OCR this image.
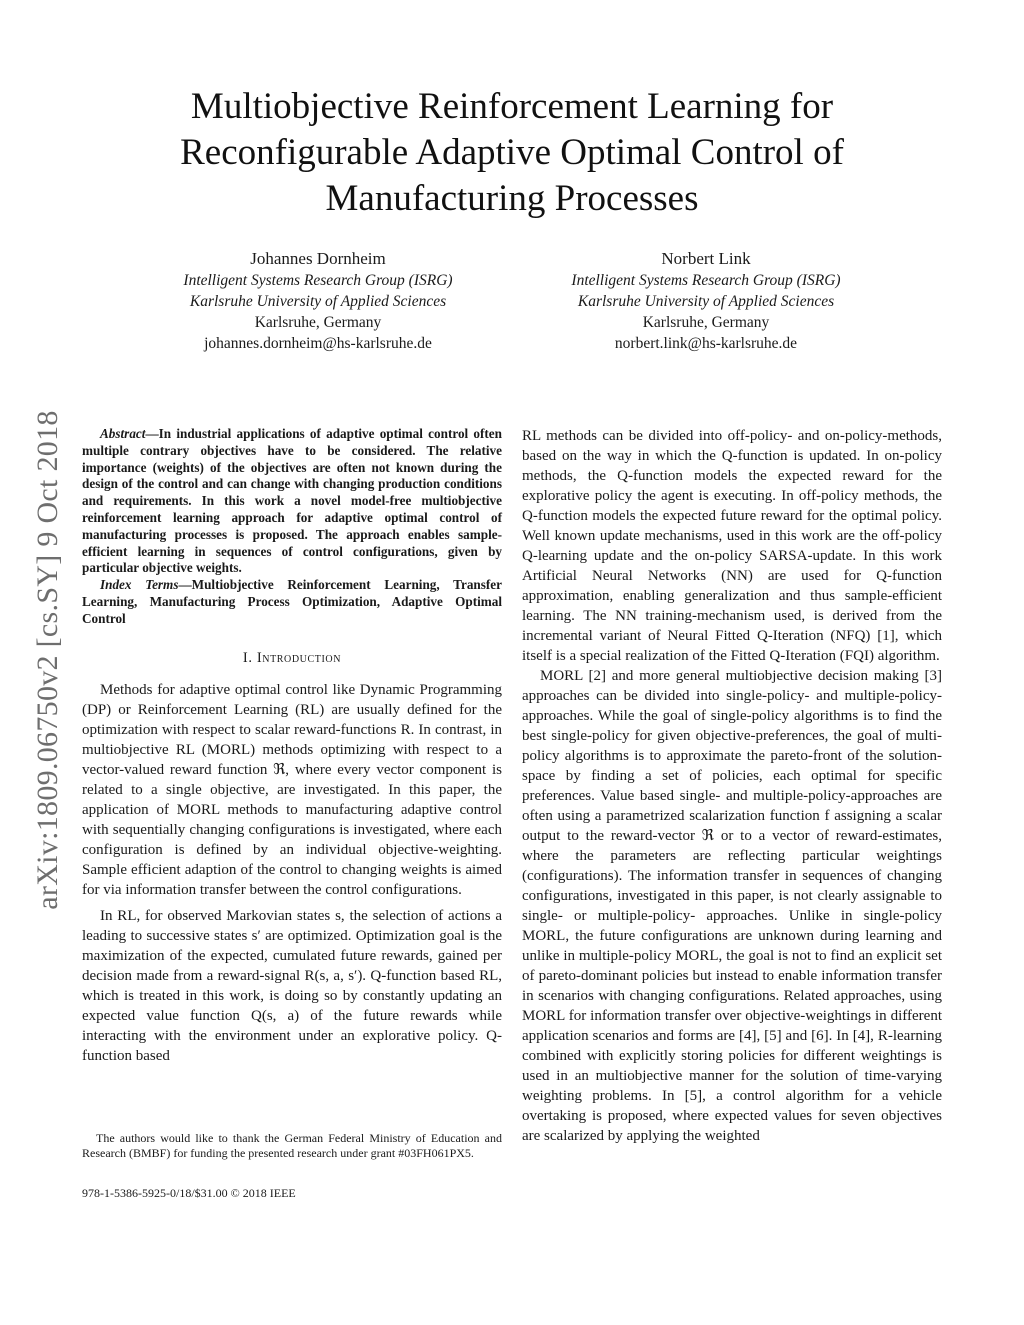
arXiv:1809.06750v2 [cs.SY] 9 Oct 2018
Multiobjective Reinforcement Learning for
Reconfigurable Adaptive Optimal Control of
Manufacturing Processes
Johannes Dornheim
Intelligent Systems Research Group (ISRG)
Karlsruhe University of Applied Sciences
Karlsruhe, Germany
johannes.dornheim@hs-karlsruhe.de
Norbert Link
Intelligent Systems Research Group (ISRG)
Karlsruhe University of Applied Sciences
Karlsruhe, Germany
norbert.link@hs-karlsruhe.de

Abstract—In industrial applications of adaptive optimal control often multiple contrary objectives have to be considered. The relative importance (weights) of the objectives are often not known during the design of the control and can change with changing production conditions and requirements. In this work a novel model-free multiobjective reinforcement learning approach for adaptive optimal control of manufacturing processes is proposed. The approach enables sample-efficient learning in sequences of control configurations, given by particular objective weights.

Index Terms—Multiobjective Reinforcement Learning, Transfer Learning, Manufacturing Process Optimization, Adaptive Optimal Control

I. Introduction

Methods for adaptive optimal control like Dynamic Programming (DP) or Reinforcement Learning (RL) are usually defined for the optimization with respect to scalar reward-functions R. In contrast, in multiobjective RL (MORL) methods optimizing with respect to a vector-valued reward function ℜ, where every vector component is related to a single objective, are investigated. In this paper, the application of MORL methods to manufacturing adaptive control with sequentially changing configurations is investigated, where each configuration is defined by an individual objective-weighting. Sample efficient adaption of the control to changing weights is aimed for via information transfer between the control configurations.

In RL, for observed Markovian states s, the selection of actions a leading to successive states s′ are optimized. Optimization goal is the maximization of the expected, cumulated future rewards, gained per decision made from a reward-signal R(s, a, s′). Q-function based RL, which is treated in this work, is doing so by constantly updating an expected value function Q(s, a) of the future rewards while interacting with the environment under an explorative policy. Q-function based

RL methods can be divided into off-policy- and on-policy-methods, based on the way in which the Q-function is updated. In on-policy methods, the Q-function models the expected reward for the explorative policy the agent is executing. In off-policy methods, the Q-function models the expected future reward for the optimal policy. Well known update mechanisms, used in this work are the off-policy Q-learning update and the on-policy SARSA-update. In this work Artificial Neural Networks (NN) are used for Q-function approximation, enabling generalization and thus sample-efficient learning. The NN training-mechanism used, is derived from the incremental variant of Neural Fitted Q-Iteration (NFQ) [1], which itself is a special realization of the Fitted Q-Iteration (FQI) algorithm.

MORL [2] and more general multiobjective decision making [3] approaches can be divided into single-policy- and multiple-policy-approaches. While the goal of single-policy algorithms is to find the best single-policy for given objective-preferences, the goal of multi-policy algorithms is to approximate the pareto-front of the solution-space by finding a set of policies, each optimal for specific preferences. Value based single- and multiple-policy-approaches are often using a parametrized scalarization function f assigning a scalar output to the reward-vector ℜ or to a vector of reward-estimates, where the parameters are reflecting particular weightings (configurations). The information transfer in sequences of changing configurations, investigated in this paper, is not clearly assignable to single- or multiple-policy- approaches. Unlike in single-policy MORL, the future configurations are unknown during learning and unlike in multiple-policy MORL, the goal is not to find an explicit set of pareto-dominant policies but instead to enable information transfer in scenarios with changing configurations. Related approaches, using MORL for information transfer over objective-weightings in different application scenarios and forms are [4], [5] and [6]. In [4], R-learning combined with explicitly storing policies for different weightings is used in an multiobjective manner for the solution of time-varying weighting problems. In [5], a control algorithm for a vehicle overtaking is proposed, where expected values for seven objectives are scalarized by applying the weighted

The authors would like to thank the German Federal Ministry of Education and Research (BMBF) for funding the presented research under grant #03FH061PX5.
978-1-5386-5925-0/18/$31.00 © 2018 IEEE
